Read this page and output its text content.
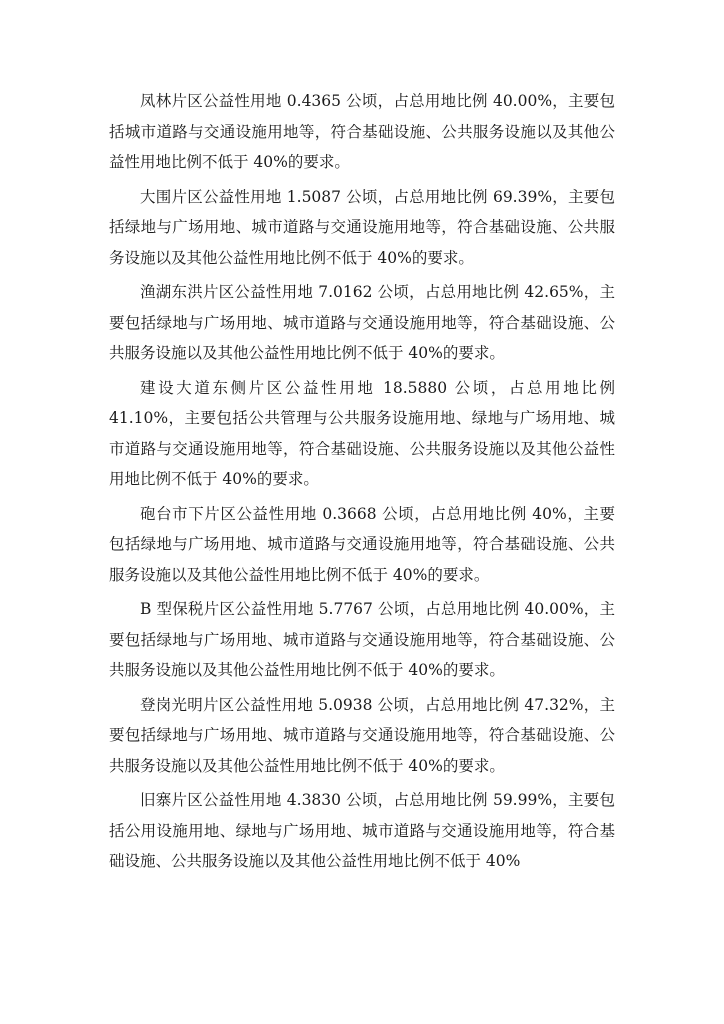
凤林片区公益性用地 0.4365 公顷，占总用地比例 40.00%，主要包括城市道路与交通设施用地等，符合基础设施、公共服务设施以及其他公益性用地比例不低于 40%的要求。

大围片区公益性用地 1.5087 公顷，占总用地比例 69.39%，主要包括绿地与广场用地、城市道路与交通设施用地等，符合基础设施、公共服务设施以及其他公益性用地比例不低于 40%的要求。

渔湖东洪片区公益性用地 7.0162 公顷，占总用地比例 42.65%，主要包括绿地与广场用地、城市道路与交通设施用地等，符合基础设施、公共服务设施以及其他公益性用地比例不低于 40%的要求。

建设大道东侧片区公益性用地 18.5880 公顷，占总用地比例 41.10%，主要包括公共管理与公共服务设施用地、绿地与广场用地、城市道路与交通设施用地等，符合基础设施、公共服务设施以及其他公益性用地比例不低于 40%的要求。

砲台市下片区公益性用地 0.3668 公顷，占总用地比例 40%，主要包括绿地与广场用地、城市道路与交通设施用地等，符合基础设施、公共服务设施以及其他公益性用地比例不低于 40%的要求。

B 型保税片区公益性用地 5.7767 公顷，占总用地比例 40.00%，主要包括绿地与广场用地、城市道路与交通设施用地等，符合基础设施、公共服务设施以及其他公益性用地比例不低于 40%的要求。

登岗光明片区公益性用地 5.0938 公顷，占总用地比例 47.32%，主要包括绿地与广场用地、城市道路与交通设施用地等，符合基础设施、公共服务设施以及其他公益性用地比例不低于 40%的要求。

旧寨片区公益性用地 4.3830 公顷，占总用地比例 59.99%，主要包括公用设施用地、绿地与广场用地、城市道路与交通设施用地等，符合基础设施、公共服务设施以及其他公益性用地比例不低于 40%
